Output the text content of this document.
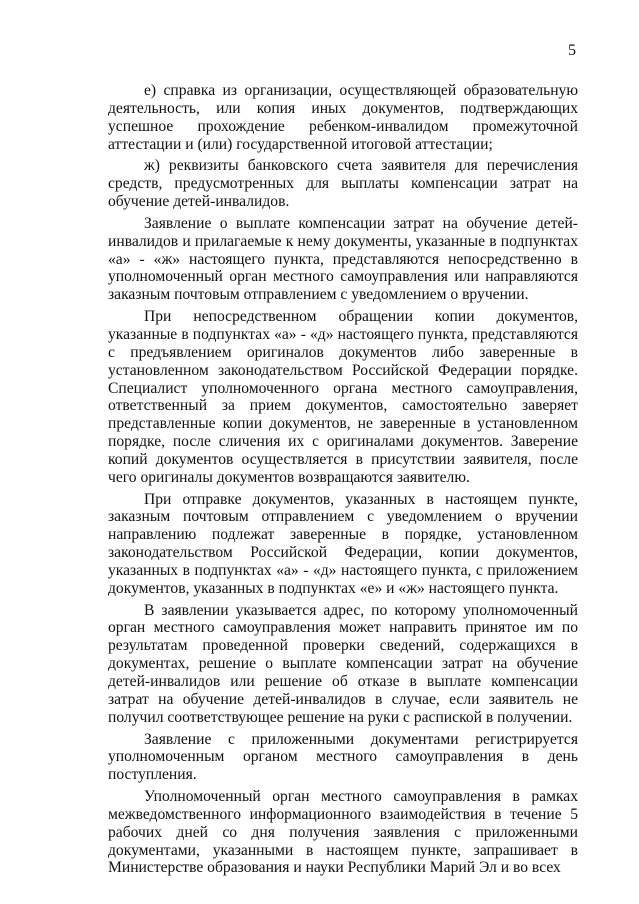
5

е) справка из организации, осуществляющей образовательную деятельность, или копия иных документов, подтверждающих успешное прохождение ребенком-инвалидом промежуточной аттестации и (или) государственной итоговой аттестации;

ж) реквизиты банковского счета заявителя для перечисления средств, предусмотренных для выплаты компенсации затрат на обучение детей-инвалидов.

Заявление о выплате компенсации затрат на обучение детей-инвалидов и прилагаемые к нему документы, указанные в подпунктах «а» - «ж» настоящего пункта, представляются непосредственно в уполномоченный орган местного самоуправления или направляются заказным почтовым отправлением с уведомлением о вручении.

При непосредственном обращении копии документов, указанные в подпунктах «а» - «д» настоящего пункта, представляются с предъявлением оригиналов документов либо заверенные в установленном законодательством Российской Федерации порядке. Специалист уполномоченного органа местного самоуправления, ответственный за прием документов, самостоятельно заверяет представленные копии документов, не заверенные в установленном порядке, после сличения их с оригиналами документов. Заверение копий документов осуществляется в присутствии заявителя, после чего оригиналы документов возвращаются заявителю.

При отправке документов, указанных в настоящем пункте, заказным почтовым отправлением с уведомлением о вручении направлению подлежат заверенные в порядке, установленном законодательством Российской Федерации, копии документов, указанных в подпунктах «а» - «д» настоящего пункта, с приложением документов, указанных в подпунктах «е» и «ж» настоящего пункта.

В заявлении указывается адрес, по которому уполномоченный орган местного самоуправления может направить принятое им по результатам проведенной проверки сведений, содержащихся в документах, решение о выплате компенсации затрат на обучение детей-инвалидов или решение об отказе в выплате компенсации затрат на обучение детей-инвалидов в случае, если заявитель не получил соответствующее решение на руки с распиской в получении.

Заявление с приложенными документами регистрируется уполномоченным органом местного самоуправления в день поступления.

Уполномоченный орган местного самоуправления в рамках межведомственного информационного взаимодействия в течение 5 рабочих дней со дня получения заявления с приложенными документами, указанными в настоящем пункте, запрашивает в Министерстве образования и науки Республики Марий Эл и во всех
